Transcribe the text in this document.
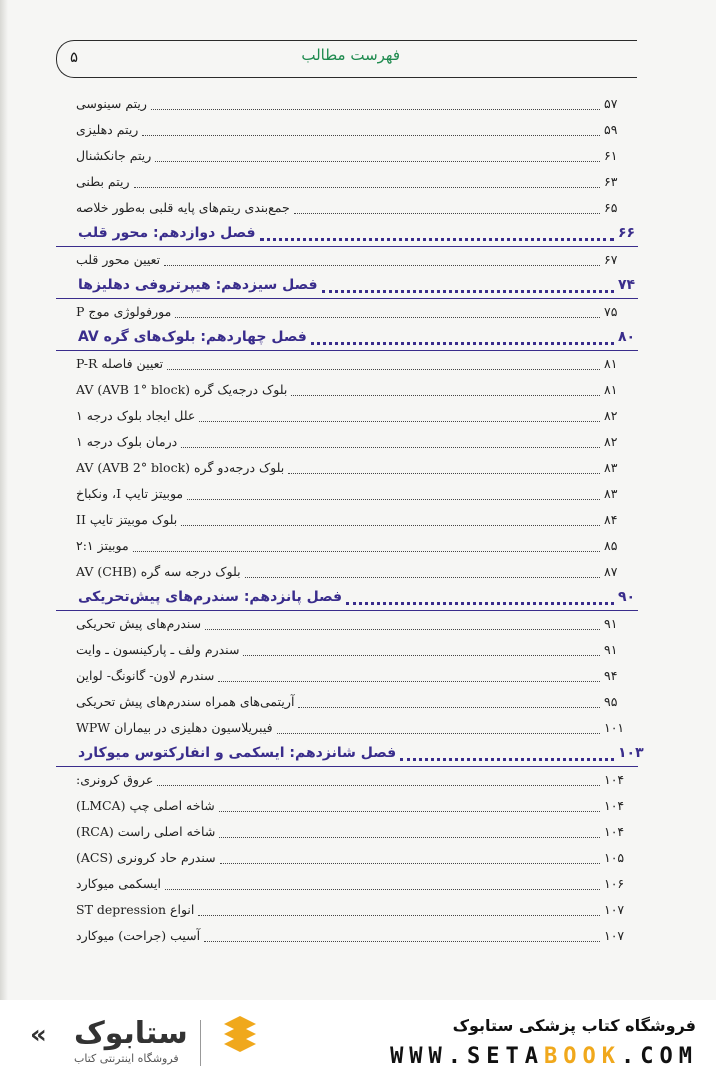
فهرست مطالب
۵
ریتم سینوسی	۵۷
ریتم دهلیزی	۵۹
ریتم جانکشنال	۶۱
ریتم بطنی	۶۳
جمع‌بندی ریتم‌های پایه قلبی به‌طور خلاصه	۶۵
فصل دوازدهم: محور قلب	۶۶
تعیین محور قلب	۶۷
فصل سیزدهم: هیپرتروفی دهلیزها	۷۴
مورفولوژی موج P	۷۵
فصل چهاردهم: بلوک‌های گره AV	۸۰
تعیین فاصله P-R	۸۱
بلوک درجه‌یک گره AV (AVB 1° block)	۸۱
علل ایجاد بلوک درجه ۱	۸۲
درمان بلوک درجه ۱	۸۲
بلوک درجه‌دو گره AV (AVB 2° block)	۸۳
موبیتز تایپ I، ونکباخ	۸۳
بلوک موبیتز تایپ II	۸۴
موبیتز ۲:۱	۸۵
بلوک درجه سه گره AV (CHB)	۸۷
فصل پانزدهم: سندرم‌های پیش‌تحریکی	۹۰
سندرم‌های پیش تحریکی	۹۱
سندرم ولف ـ پارکینسون ـ وایت	۹۱
سندرم لاون- گانونگ- لواین	۹۴
آریتمی‌های همراه سندرم‌های پیش تحریکی	۹۵
فیبریلاسیون دهلیزی در بیماران WPW	۱۰۱
فصل شانزدهم: ایسکمی و انفارکتوس میوکارد	۱۰۳
عروق کرونری:	۱۰۴
شاخه اصلی چپ (LMCA)	۱۰۴
شاخه اصلی راست (RCA)	۱۰۴
سندرم حاد کرونری (ACS)	۱۰۵
ایسکمی میوکارد	۱۰۶
انواع ST depression	۱۰۷
آسیب (جراحت) میوکارد	۱۰۷
ستابوک
فروشگاه اینترنتی کتاب
«	فروشگاه کتاب پزشکی ستابوک
WWW.SETABOOK.COM
